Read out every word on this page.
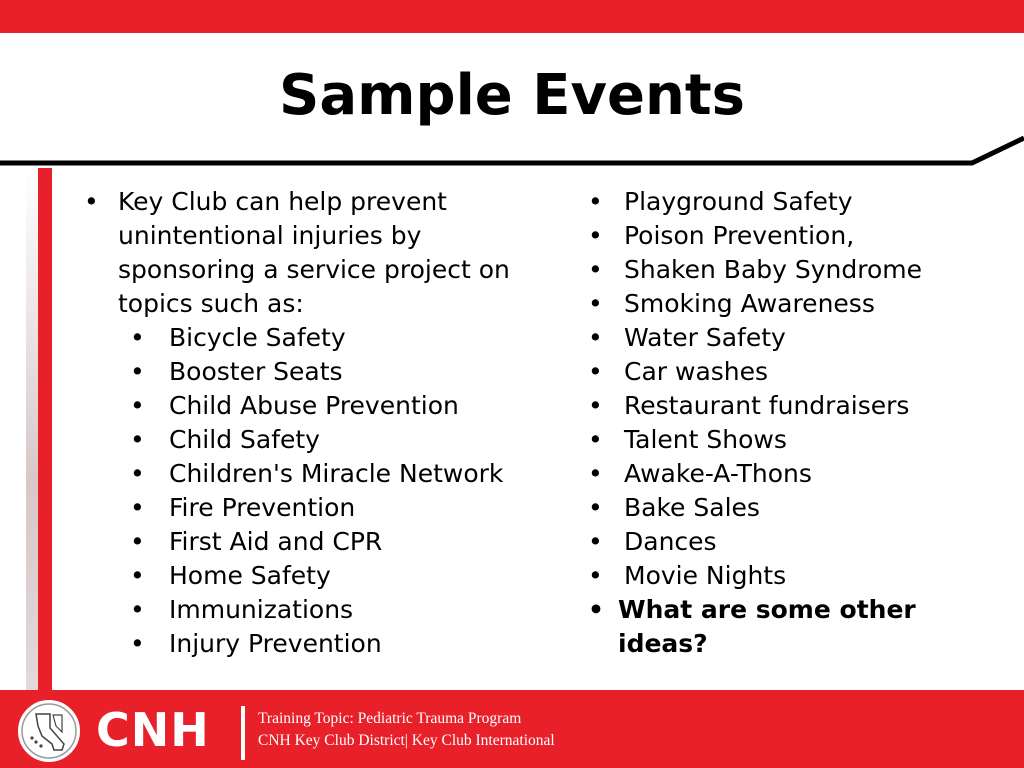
Sample Events
• Key Club can help prevent unintentional injuries by sponsoring a service project on topics such as:
• Bicycle Safety
• Booster Seats
• Child Abuse Prevention
• Child Safety
• Children's Miracle Network
• Fire Prevention
• First Aid and CPR
• Home Safety
• Immunizations
• Injury Prevention
• Playground Safety
• Poison Prevention,
• Shaken Baby Syndrome
• Smoking Awareness
• Water Safety
• Car washes
• Restaurant fundraisers
• Talent Shows
• Awake-A-Thons
• Bake Sales
• Dances
• Movie Nights
• What are some other ideas?
CNH	Training Topic: Pediatric Trauma Program
CNH Key Club District| Key Club International
